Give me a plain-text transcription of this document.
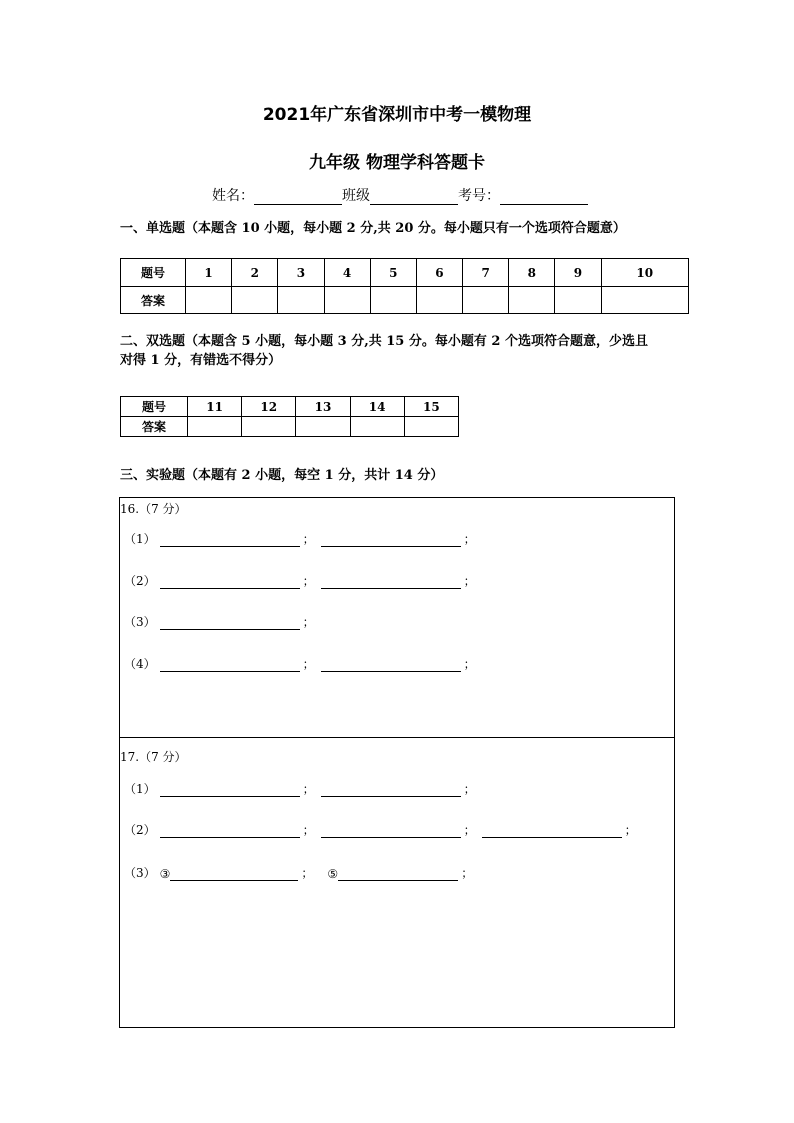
2021年广东省深圳市中考一模物理
九年级 物理学科答题卡
姓名：	班级	考号：
一、单选题（本题含 10 小题，每小题 2 分,共 20 分。每小题只有一个选项符合题意）
题号	1	2	3	4	5	6	7	8	9	10
答案										
二、双选题（本题含 5 小题，每小题 3 分,共 15 分。每小题有 2 个选项符合题意，少选且
对得 1 分，有错选不得分）
题号	11	12	13	14	15
答案					
三、实验题（本题有 2 小题，每空 1 分，共计 14 分）
16.（7 分）
（1）	；	；
（2）	；	；
（3）	；
（4）	；	；
17.（7 分）
（1）	；	；
（2）	；	；	；
（3） ③	； ⑤	；
